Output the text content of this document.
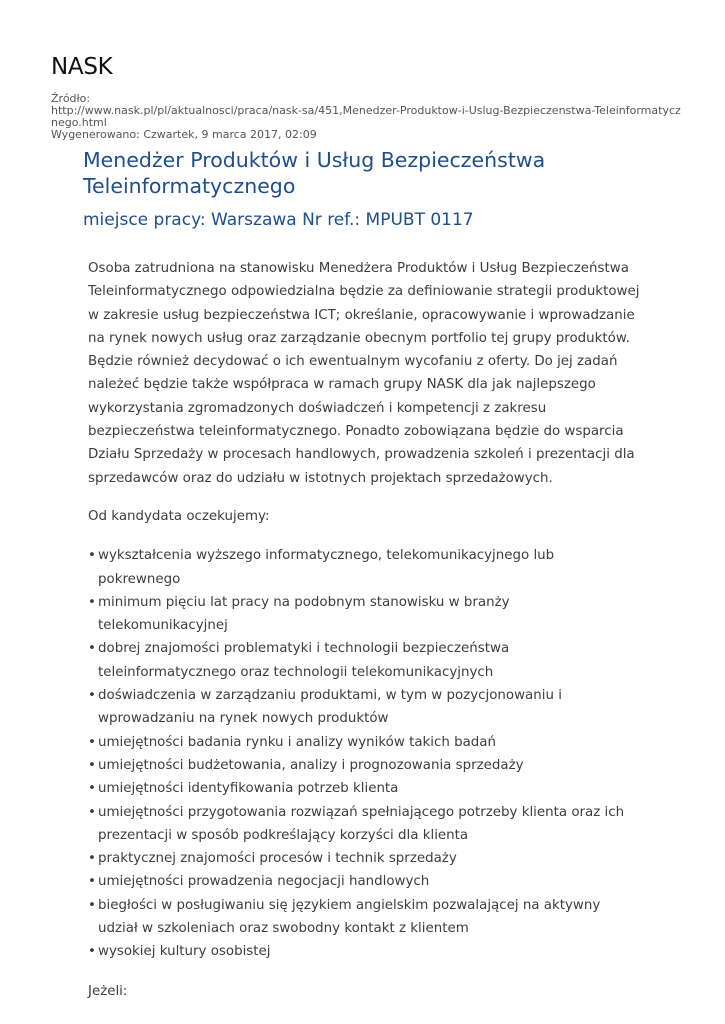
NASK
Źródło:
http://www.nask.pl/pl/aktualnosci/praca/nask-sa/451,Menedzer-Produktow-i-Uslug-Bezpieczenstwa-Teleinformatycznego.html
Wygenerowano: Czwartek, 9 marca 2017, 02:09
Menedżer Produktów i Usług Bezpieczeństwa Teleinformatycznego
miejsce pracy: Warszawa Nr ref.: MPUBT 0117

Osoba zatrudniona na stanowisku Menedżera Produktów i Usług Bezpieczeństwa Teleinformatycznego odpowiedzialna będzie za definiowanie strategii produktowej w zakresie usług bezpieczeństwa ICT; określanie, opracowywanie i wprowadzanie na rynek nowych usług oraz zarządzanie obecnym portfolio tej grupy produktów. Będzie również decydować o ich ewentualnym wycofaniu z oferty. Do jej zadań należeć będzie także współpraca w ramach grupy NASK dla jak najlepszego wykorzystania zgromadzonych doświadczeń i kompetencji z zakresu bezpieczeństwa teleinformatycznego. Ponadto zobowiązana będzie do wsparcia Działu Sprzedaży w procesach handlowych, prowadzenia szkoleń i prezentacji dla sprzedawców oraz do udziału w istotnych projektach sprzedażowych.

Od kandydata oczekujemy:

• wykształcenia wyższego informatycznego, telekomunikacyjnego lub pokrewnego
• minimum pięciu lat pracy na podobnym stanowisku w branży telekomunikacyjnej
• dobrej znajomości problematyki i technologii bezpieczeństwa teleinformatycznego oraz technologii telekomunikacyjnych
• doświadczenia w zarządzaniu produktami, w tym w pozycjonowaniu i wprowadzaniu na rynek nowych produktów
• umiejętności badania rynku i analizy wyników takich badań
• umiejętności budżetowania, analizy i prognozowania sprzedaży
• umiejętności identyfikowania potrzeb klienta
• umiejętności przygotowania rozwiązań spełniającego potrzeby klienta oraz ich prezentacji w sposób podkreślający korzyści dla klienta
• praktycznej znajomości procesów i technik sprzedaży
• umiejętności prowadzenia negocjacji handlowych
• biegłości w posługiwaniu się językiem angielskim pozwalającej na aktywny udział w szkoleniach oraz swobodny kontakt z klientem
• wysokiej kultury osobistej

Jeżeli:
